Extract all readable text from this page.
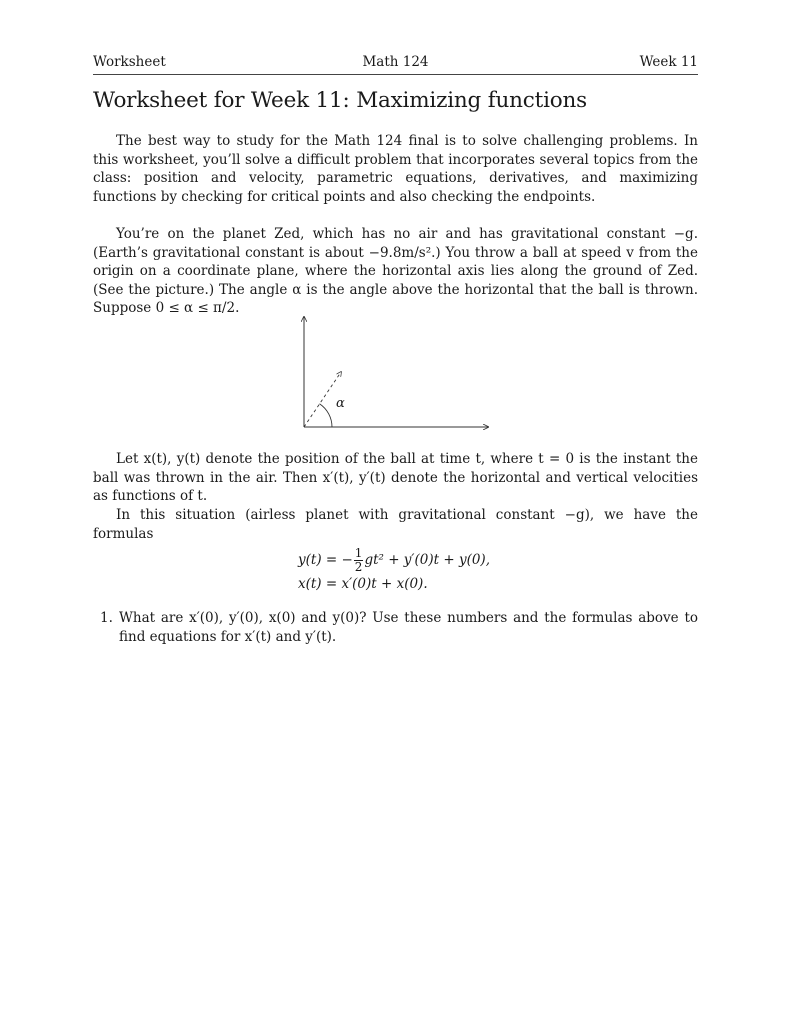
Worksheet	Math 124	Week 11
Worksheet for Week 11: Maximizing functions

The best way to study for the Math 124 final is to solve challenging problems. In this worksheet, you’ll solve a difficult problem that incorporates several topics from the class: position and velocity, parametric equations, derivatives, and maximizing functions by checking for critical points and also checking the endpoints.

You’re on the planet Zed, which has no air and has gravitational constant −g. (Earth’s gravitational constant is about −9.8m/s².) You throw a ball at speed v from the origin on a coordinate plane, where the horizontal axis lies along the ground of Zed. (See the picture.) The angle α is the angle above the horizontal that the ball is thrown. Suppose 0 ≤ α ≤ π/2.

α

Let x(t), y(t) denote the position of the ball at time t, where t = 0 is the instant the ball was thrown in the air. Then x′(t), y′(t) denote the horizontal and vertical velocities as functions of t.

In this situation (airless planet with gravitational constant −g), we have the formulas

y(t) = − $\frac{1}{2} gt^2 + y'(0)t + y(0)$,
x(t) = x′(0)t + x(0).
1. What are x′(0), y′(0), x(0) and y(0)? Use these numbers and the formulas above to find equations for x′(t) and y′(t).
